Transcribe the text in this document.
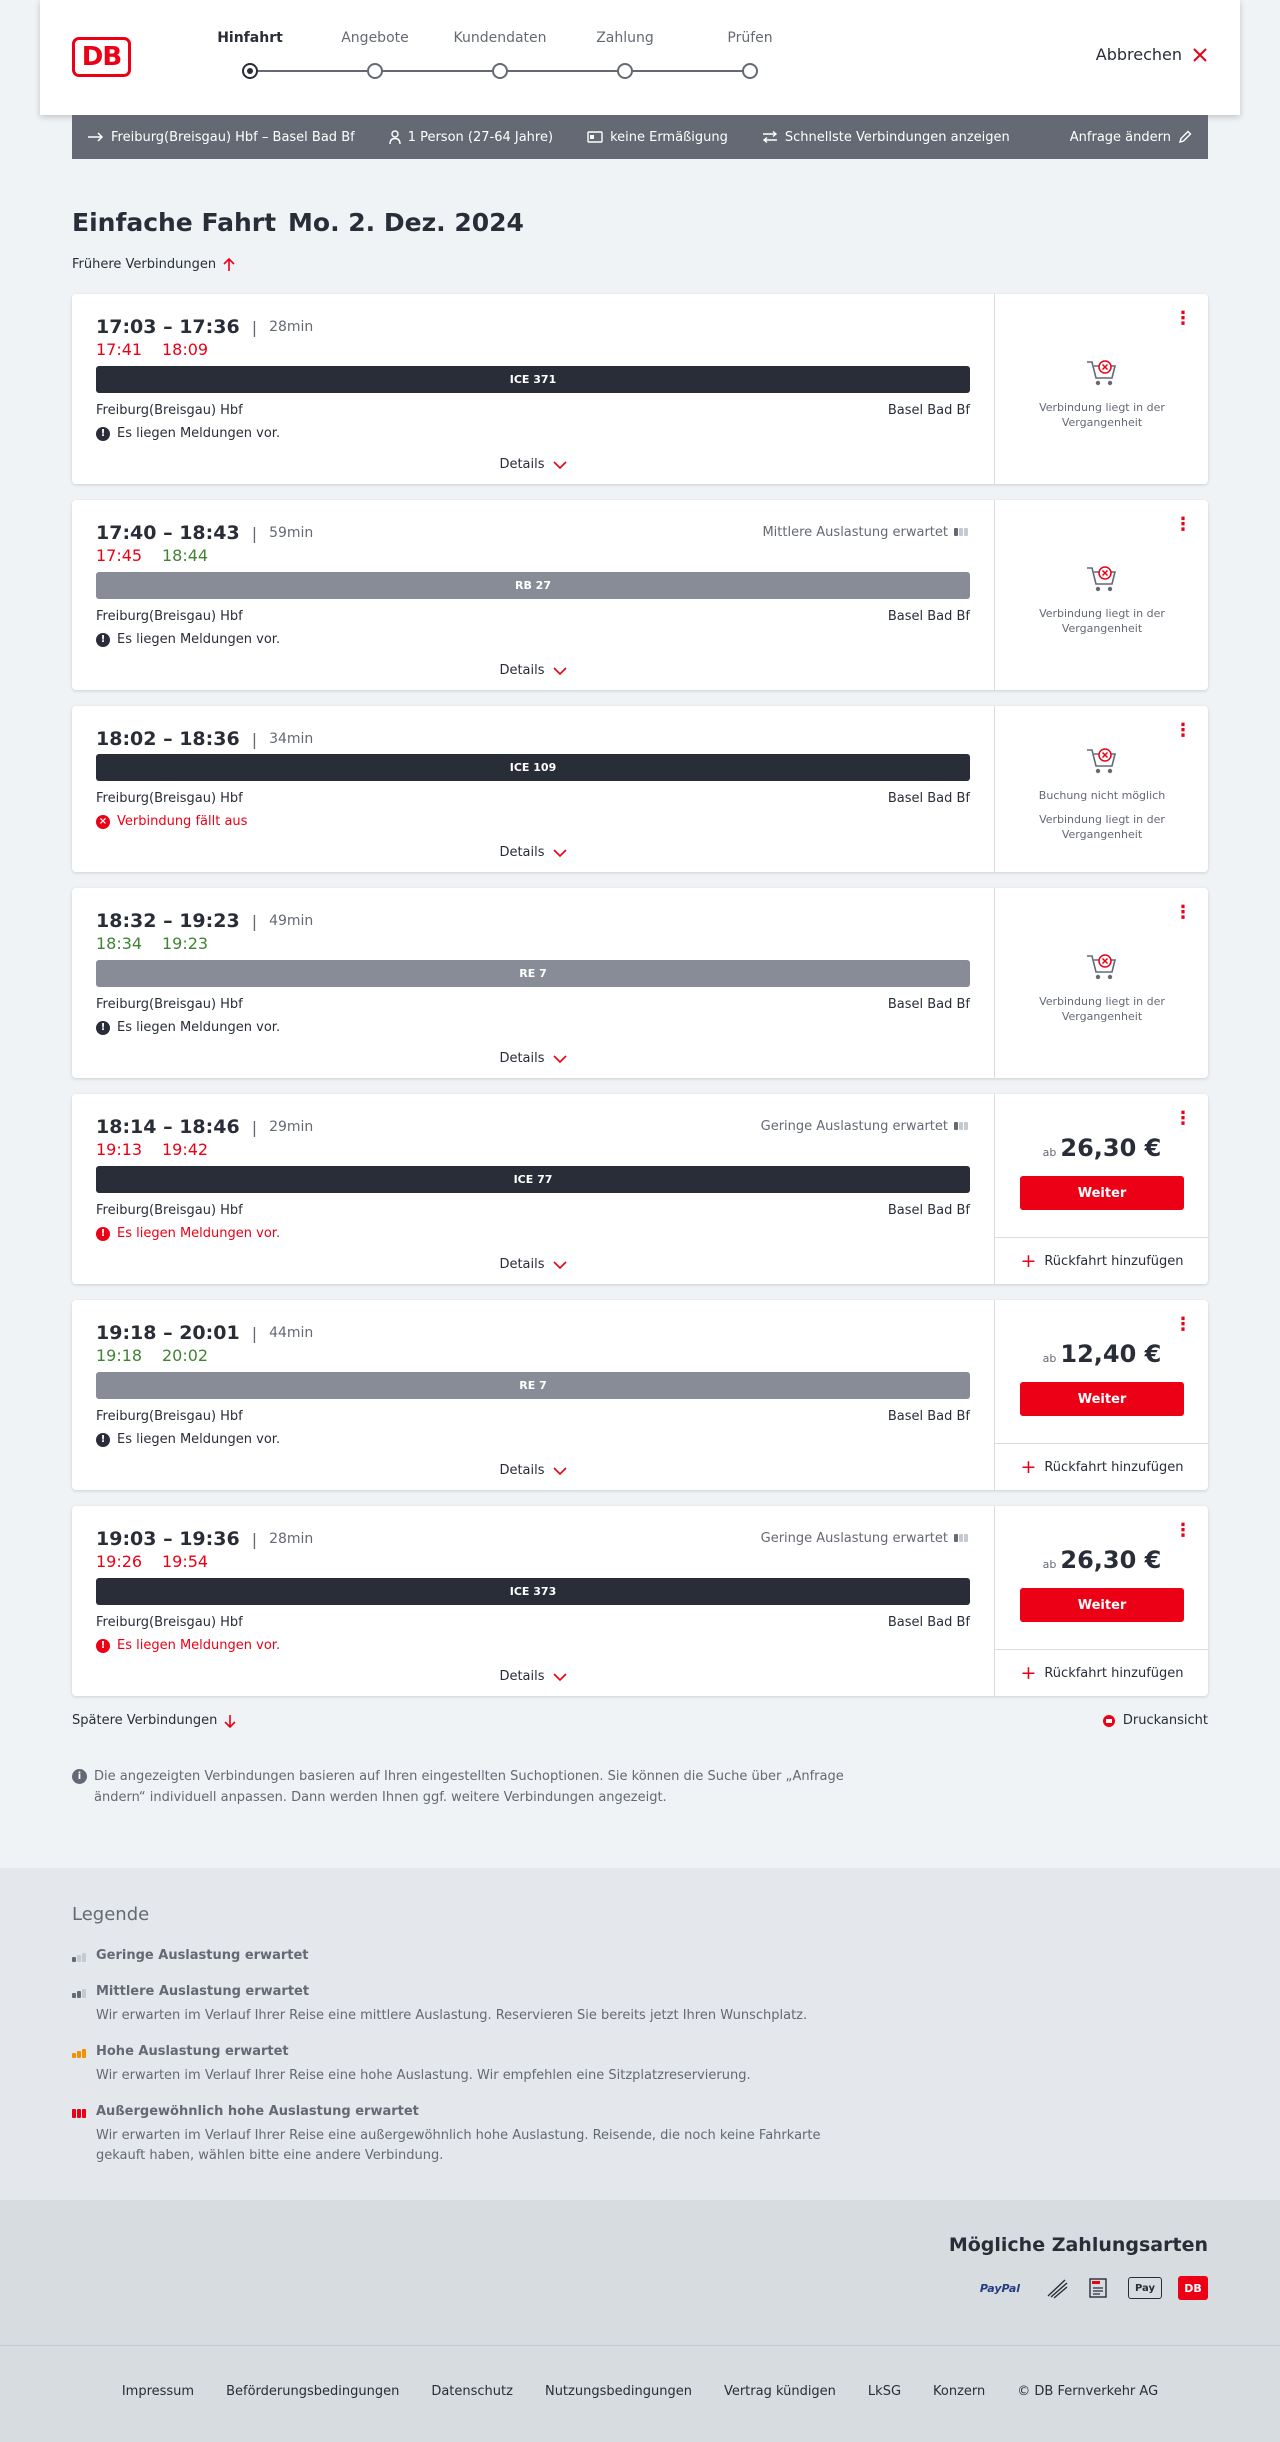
DB
Hinfahrt	Angebote	Kundendaten	Zahlung	Prüfen
Abbrechen
Freiburg(Breisgau) Hbf – Basel Bad Bf	1 Person (27-64 Jahre)	keine Ermäßigung	Schnellste Verbindungen anzeigen	Anfrage ändern
Einfache Fahrt Mo. 2. Dez. 2024
Frühere Verbindungen
17:03 – 17:36 | 28min
17:41 18:09
ICE 371
Freiburg(Breisgau) Hbf	Basel Bad Bf
! Es liegen Meldungen vor.
Details
⋮
Verbindung liegt in der Vergangenheit
17:40 – 18:43 | 59min
17:45 18:44
Mittlere Auslastung erwartet
RB 27
Freiburg(Breisgau) Hbf	Basel Bad Bf
! Es liegen Meldungen vor.
Details
⋮
Verbindung liegt in der Vergangenheit
18:02 – 18:36 | 34min
ICE 109
Freiburg(Breisgau) Hbf	Basel Bad Bf
× Verbindung fällt aus
Details
⋮
Buchung nicht möglich
Verbindung liegt in der Vergangenheit
18:32 – 19:23 | 49min
18:34 19:23
RE 7
Freiburg(Breisgau) Hbf	Basel Bad Bf
! Es liegen Meldungen vor.
Details
⋮
Verbindung liegt in der Vergangenheit
18:14 – 18:46 | 29min
19:13 19:42
Geringe Auslastung erwartet
ICE 77
Freiburg(Breisgau) Hbf	Basel Bad Bf
! Es liegen Meldungen vor.
Details
⋮
ab 26,30 €
Weiter
+ Rückfahrt hinzufügen
19:18 – 20:01 | 44min
19:18 20:02
RE 7
Freiburg(Breisgau) Hbf	Basel Bad Bf
! Es liegen Meldungen vor.
Details
⋮
ab 12,40 €
Weiter
+ Rückfahrt hinzufügen
19:03 – 19:36 | 28min
19:26 19:54
Geringe Auslastung erwartet
ICE 373
Freiburg(Breisgau) Hbf	Basel Bad Bf
! Es liegen Meldungen vor.
Details
⋮
ab 26,30 €
Weiter
+ Rückfahrt hinzufügen
Spätere Verbindungen	Druckansicht
i Die angezeigten Verbindungen basieren auf Ihren eingestellten Suchoptionen. Sie können die Suche über „Anfrage ändern“ individuell anpassen. Dann werden Ihnen ggf. weitere Verbindungen angezeigt.
Legende
Geringe Auslastung erwartet
Mittlere Auslastung erwartet
Wir erwarten im Verlauf Ihrer Reise eine mittlere Auslastung. Reservieren Sie bereits jetzt Ihren Wunschplatz.
Hohe Auslastung erwartet
Wir erwarten im Verlauf Ihrer Reise eine hohe Auslastung. Wir empfehlen eine Sitzplatzreservierung.
Außergewöhnlich hohe Auslastung erwartet
Wir erwarten im Verlauf Ihrer Reise eine außergewöhnlich hohe Auslastung. Reisende, die noch keine Fahrkarte gekauft haben, wählen bitte eine andere Verbindung.
Mögliche Zahlungsarten
PayPal	Pay	DB
Impressum Beförderungsbedingungen Datenschutz Nutzungsbedingungen Vertrag kündigen LkSG Konzern © DB Fernverkehr AG
